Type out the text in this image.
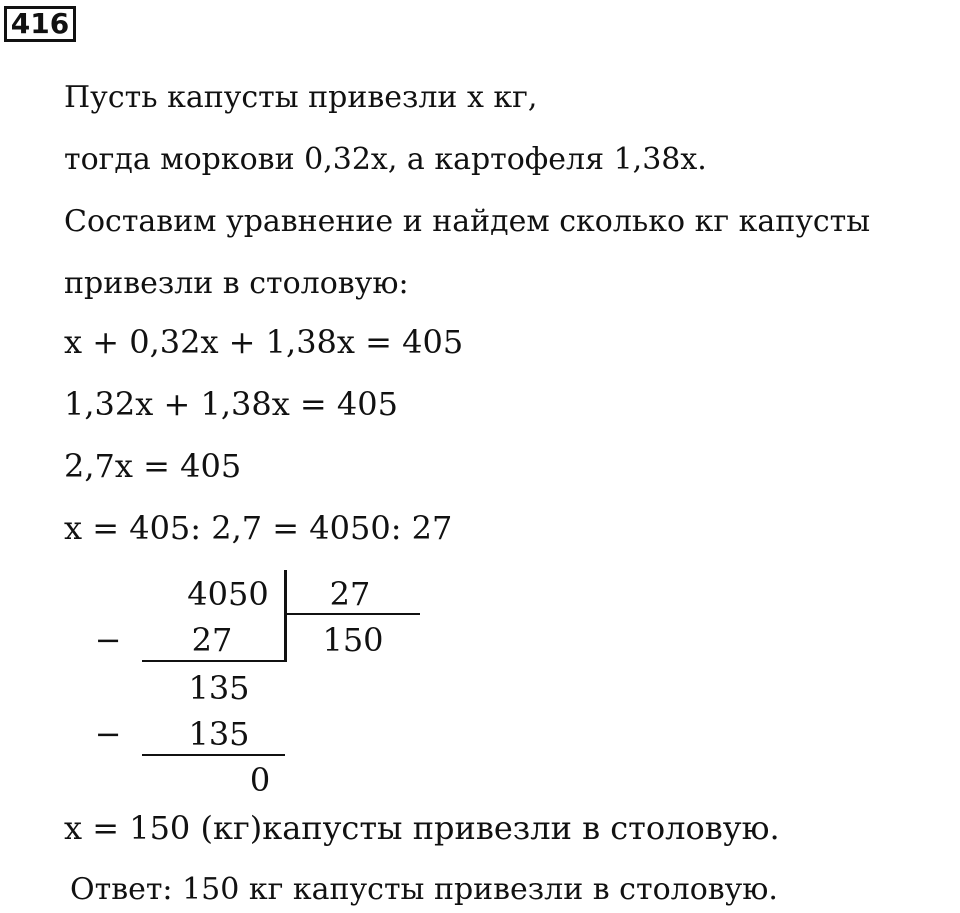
416
Пусть капусты привезли x кг,
тогда моркови 0,32x, а картофеля 1,38x.
Составим уравнение и найдем сколько кг капусты
привезли в столовую:
x + 0,32x + 1,38x = 405
1,32x + 1,38x = 405
2,7x = 405
x = 405: 2,7 = 4050: 27
4050	27
150
−	27
135
−	135
0
x = 150 (кг)капусты привезли в столовую.
Ответ: 150 кг капусты привезли в столовую.
